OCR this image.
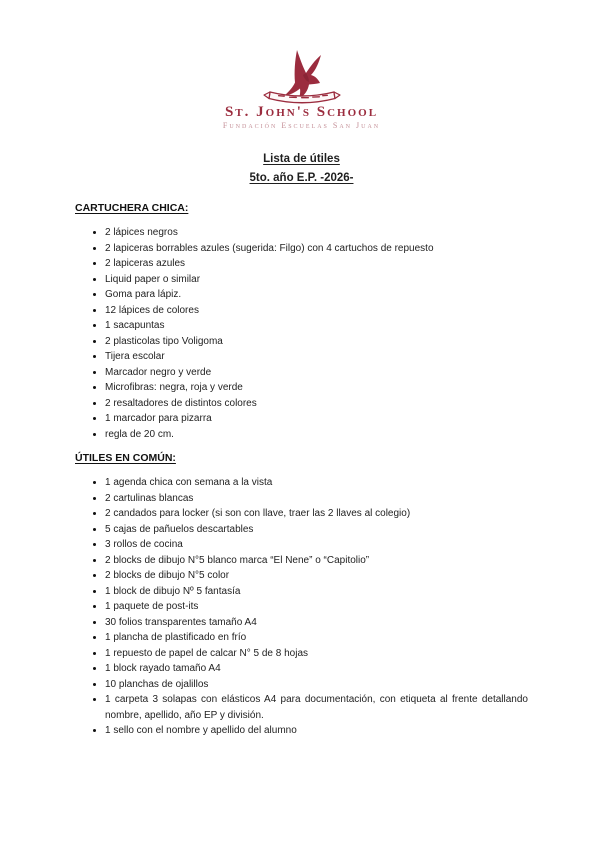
St. John's School
Fundación Escuelas San Juan
Lista de útiles
5to. año E.P. -2026-
CARTUCHERA CHICA:
• 2 lápices negros
• 2 lapiceras borrables azules (sugerida: Filgo) con 4 cartuchos de repuesto
• 2 lapiceras azules
• Liquid paper o similar
• Goma para lápiz.
• 12 lápices de colores
• 1 sacapuntas
• 2 plasticolas tipo Voligoma
• Tijera escolar
• Marcador negro y verde
• Microfibras: negra, roja y verde
• 2 resaltadores de distintos colores
• 1 marcador para pizarra
• regla de 20 cm.
ÚTILES EN COMÚN:
• 1 agenda chica con semana a la vista
• 2 cartulinas blancas
• 2 candados para locker (si son con llave, traer las 2 llaves al colegio)
• 5 cajas de pañuelos descartables
• 3 rollos de cocina
• 2 blocks de dibujo N°5 blanco marca “El Nene” o “Capitolio”
• 2 blocks de dibujo N°5 color
• 1 block de dibujo Nº 5 fantasía
• 1 paquete de post-its
• 30 folios transparentes tamaño A4
• 1 plancha de plastificado en frío
• 1 repuesto de papel de calcar N° 5 de 8 hojas
• 1 block rayado tamaño A4
• 10 planchas de ojalillos
• 1 carpeta 3 solapas con elásticos A4 para documentación, con etiqueta al frente detallando nombre, apellido, año EP y división.
• 1 sello con el nombre y apellido del alumno
